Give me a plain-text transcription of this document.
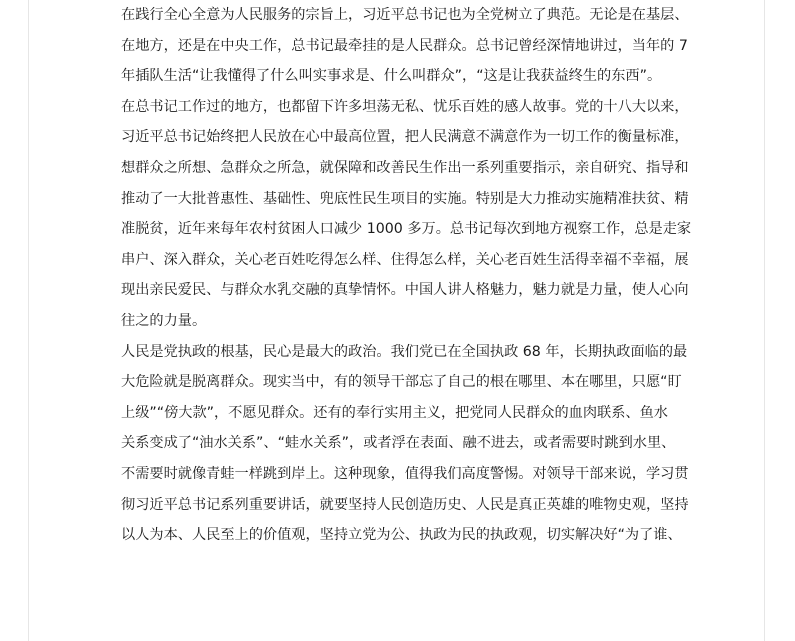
在践行全心全意为人民服务的宗旨上，习近平总书记也为全党树立了典范。无论是在基层、
在地方，还是在中央工作，总书记最牵挂的是人民群众。总书记曾经深情地讲过，当年的 7
年插队生活“让我懂得了什么叫实事求是、什么叫群众”，“这是让我获益终生的东西”。
在总书记工作过的地方，也都留下许多坦荡无私、忧乐百姓的感人故事。党的十八大以来，
习近平总书记始终把人民放在心中最高位置，把人民满意不满意作为一切工作的衡量标准，
想群众之所想、急群众之所急，就保障和改善民生作出一系列重要指示，亲自研究、指导和
推动了一大批普惠性、基础性、兜底性民生项目的实施。特别是大力推动实施精准扶贫、精
准脱贫，近年来每年农村贫困人口减少 1000 多万。总书记每次到地方视察工作，总是走家
串户、深入群众，关心老百姓吃得怎么样、住得怎么样，关心老百姓生活得幸福不幸福，展
现出亲民爱民、与群众水乳交融的真挚情怀。中国人讲人格魅力，魅力就是力量，使人心向
往之的力量。
人民是党执政的根基，民心是最大的政治。我们党已在全国执政 68 年，长期执政面临的最
大危险就是脱离群众。现实当中，有的领导干部忘了自己的根在哪里、本在哪里，只愿“盯
上级”“傍大款”，不愿见群众。还有的奉行实用主义，把党同人民群众的血肉联系、鱼水
关系变成了“油水关系”、“蛙水关系”，或者浮在表面、融不进去，或者需要时跳到水里、
不需要时就像青蛙一样跳到岸上。这种现象，值得我们高度警惕。对领导干部来说，学习贯
彻习近平总书记系列重要讲话，就要坚持人民创造历史、人民是真正英雄的唯物史观，坚持
以人为本、人民至上的价值观，坚持立党为公、执政为民的执政观，切实解决好“为了谁、
